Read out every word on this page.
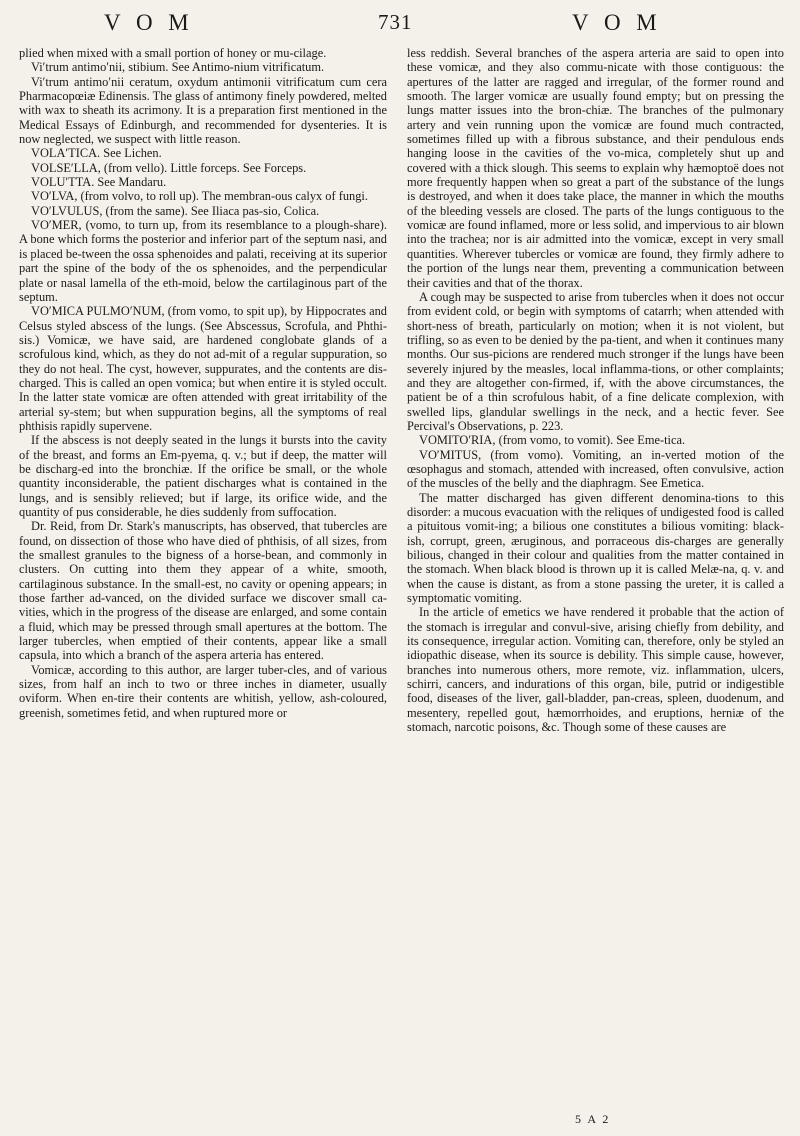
V O M	731	V O M

plied when mixed with a small portion of honey or mu-cilage.

Vi′trum antimo′nii, stibium. See Antimo-nium vitrificatum.

Vi′trum antimo′nii ceratum, oxydum antimonii vitrificatum cum cera Pharmacopœiæ Edinensis. The glass of antimony finely powdered, melted with wax to sheath its acrimony. It is a preparation first mentioned in the Medical Essays of Edinburgh, and recommended for dysenteries. It is now neglected, we suspect with little reason.

VOLA′TICA. See Lichen.

VOLSE′LLA, (from vello). Little forceps. See Forceps.

VOLU′TTA. See Mandaru.

VO′LVA, (from volvo, to roll up). The membran-ous calyx of fungi.

VO′LVULUS, (from the same). See Iliaca pas-sio, Colica.

VO′MER, (vomo, to turn up, from its resemblance to a plough-share). A bone which forms the posterior and inferior part of the septum nasi, and is placed be-tween the ossa sphenoides and palati, receiving at its superior part the spine of the body of the os sphenoides, and the perpendicular plate or nasal lamella of the eth-moid, below the cartilaginous part of the septum.

VO′MICA PULMO′NUM, (from vomo, to spit up), by Hippocrates and Celsus styled abscess of the lungs. (See Abscessus, Scrofula, and Phthi-sis.) Vomicæ, we have said, are hardened conglobate glands of a scrofulous kind, which, as they do not ad-mit of a regular suppuration, so they do not heal. The cyst, however, suppurates, and the contents are dis-charged. This is called an open vomica; but when entire it is styled occult. In the latter state vomicæ are often attended with great irritability of the arterial sy-stem; but when suppuration begins, all the symptoms of real phthisis rapidly supervene.

If the abscess is not deeply seated in the lungs it bursts into the cavity of the breast, and forms an Em-pyema, q. v.; but if deep, the matter will be discharg-ed into the bronchiæ. If the orifice be small, or the whole quantity inconsiderable, the patient discharges what is contained in the lungs, and is sensibly relieved; but if large, its orifice wide, and the quantity of pus considerable, he dies suddenly from suffocation.

Dr. Reid, from Dr. Stark's manuscripts, has observed, that tubercles are found, on dissection of those who have died of phthisis, of all sizes, from the smallest granules to the bigness of a horse-bean, and commonly in clusters. On cutting into them they appear of a white, smooth, cartilaginous substance. In the small-est, no cavity or opening appears; in those farther ad-vanced, on the divided surface we discover small ca-vities, which in the progress of the disease are enlarged, and some contain a fluid, which may be pressed through small apertures at the bottom. The larger tubercles, when emptied of their contents, appear like a small capsula, into which a branch of the aspera arteria has entered.

Vomicæ, according to this author, are larger tuber-cles, and of various sizes, from half an inch to two or three inches in diameter, usually oviform. When en-tire their contents are whitish, yellow, ash-coloured, greenish, sometimes fetid, and when ruptured more or

less reddish. Several branches of the aspera arteria are said to open into these vomicæ, and they also commu-nicate with those contiguous: the apertures of the latter are ragged and irregular, of the former round and smooth. The larger vomicæ are usually found empty; but on pressing the lungs matter issues into the bron-chiæ. The branches of the pulmonary artery and vein running upon the vomicæ are found much contracted, sometimes filled up with a fibrous substance, and their pendulous ends hanging loose in the cavities of the vo-mica, completely shut up and covered with a thick slough. This seems to explain why hæmoptoë does not more frequently happen when so great a part of the substance of the lungs is destroyed, and when it does take place, the manner in which the mouths of the bleeding vessels are closed. The parts of the lungs contiguous to the vomicæ are found inflamed, more or less solid, and impervious to air blown into the trachea; nor is air admitted into the vomicæ, except in very small quantities. Wherever tubercles or vomicæ are found, they firmly adhere to the portion of the lungs near them, preventing a communication between their cavities and that of the thorax.

A cough may be suspected to arise from tubercles when it does not occur from evident cold, or begin with symptoms of catarrh; when attended with short-ness of breath, particularly on motion; when it is not violent, but trifling, so as even to be denied by the pa-tient, and when it continues many months. Our sus-picions are rendered much stronger if the lungs have been severely injured by the measles, local inflamma-tions, or other complaints; and they are altogether con-firmed, if, with the above circumstances, the patient be of a thin scrofulous habit, of a fine delicate complexion, with swelled lips, glandular swellings in the neck, and a hectic fever. See Percival's Observations, p. 223.

VOMITO′RIA, (from vomo, to vomit). See Eme-tica.

VO′MITUS, (from vomo). Vomiting, an in-verted motion of the œsophagus and stomach, attended with increased, often convulsive, action of the muscles of the belly and the diaphragm. See Emetica.

The matter discharged has given different denomina-tions to this disorder: a mucous evacuation with the reliques of undigested food is called a pituitous vomit-ing; a bilious one constitutes a bilious vomiting: black-ish, corrupt, green, æruginous, and porraceous dis-charges are generally bilious, changed in their colour and qualities from the matter contained in the stomach. When black blood is thrown up it is called Melæ-na, q. v. and when the cause is distant, as from a stone passing the ureter, it is called a symptomatic vomiting.

In the article of emetics we have rendered it probable that the action of the stomach is irregular and convul-sive, arising chiefly from debility, and its consequence, irregular action. Vomiting can, therefore, only be styled an idiopathic disease, when its source is debility. This simple cause, however, branches into numerous others, more remote, viz. inflammation, ulcers, schirri, cancers, and indurations of this organ, bile, putrid or indigestible food, diseases of the liver, gall-bladder, pan-creas, spleen, duodenum, and mesentery, repelled gout, hæmorrhoides, and eruptions, herniæ of the stomach, narcotic poisons, &c. Though some of these causes are

5 A 2
